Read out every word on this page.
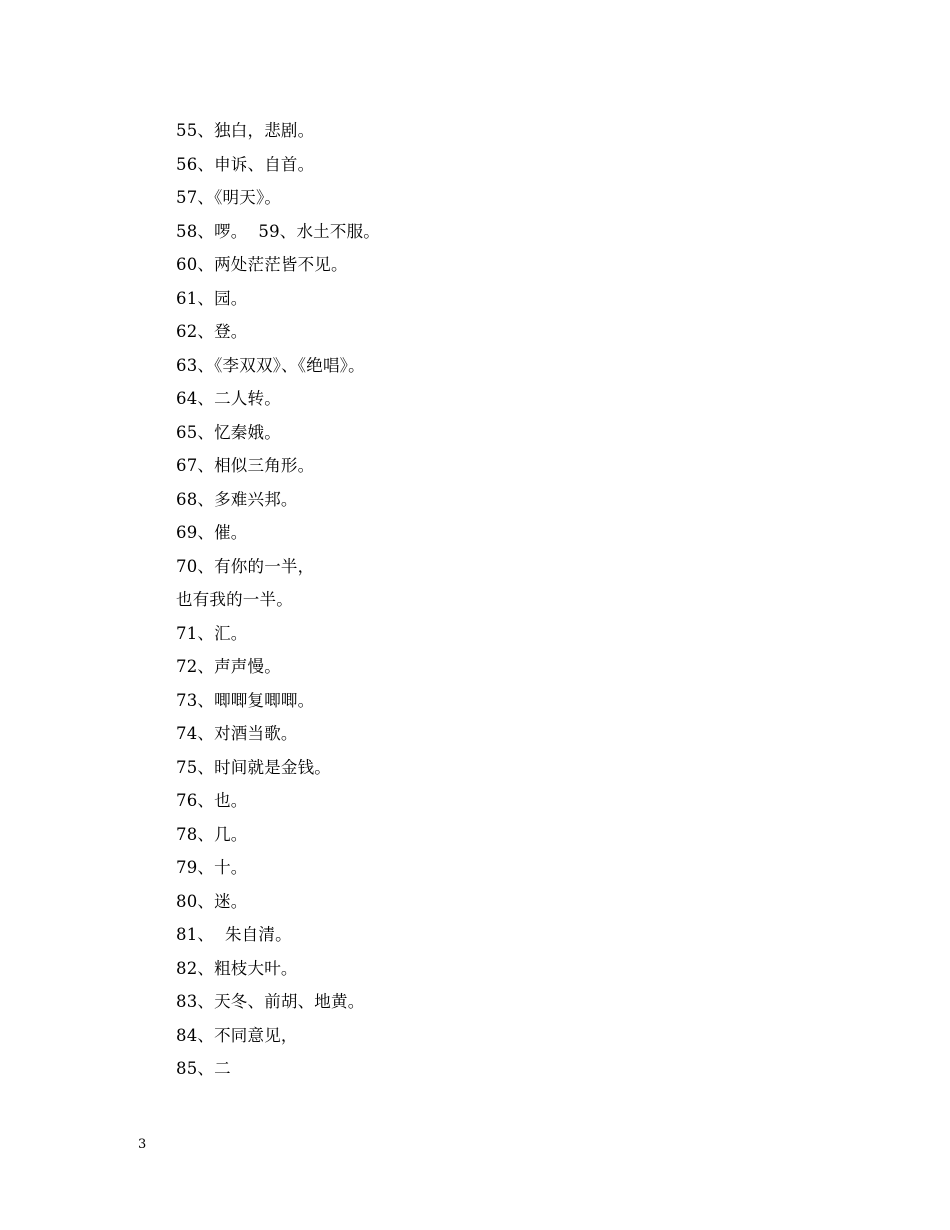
55、独白，悲剧。
56、申诉、自首。
57、《明天》。
58、啰。  59、水土不服。
60、两处茫茫皆不见。
61、园。
62、登。
63、《李双双》、《绝唱》。
64、二人转。
65、忆秦娥。
67、相似三角形。
68、多难兴邦。
69、催。
70、有你的一半，
也有我的一半。
71、汇。
72、声声慢。
73、唧唧复唧唧。
74、对酒当歌。
75、时间就是金钱。
76、也。
78、几。
79、十。
80、迷。
81、  朱自清。
82、粗枝大叶。
83、天冬、前胡、地黄。
84、不同意见，
85、二
3
